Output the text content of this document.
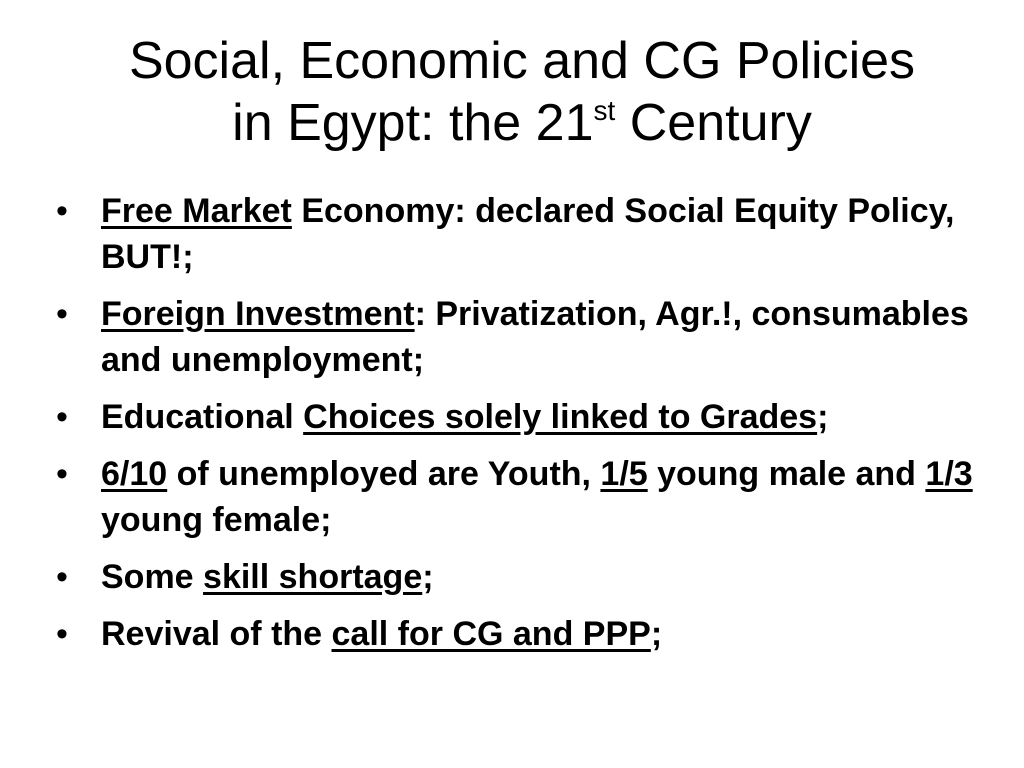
Social, Economic and CG Policies
in Egypt: the 21st Century
• Free Market Economy: declared Social Equity Policy, BUT!;
• Foreign Investment: Privatization, Agr.!, consumables and unemployment;
• Educational Choices solely linked to Grades;
• 6/10 of unemployed are Youth, 1/5 young male and 1/3 young female;
• Some skill shortage;
• Revival of the call for CG and PPP;
